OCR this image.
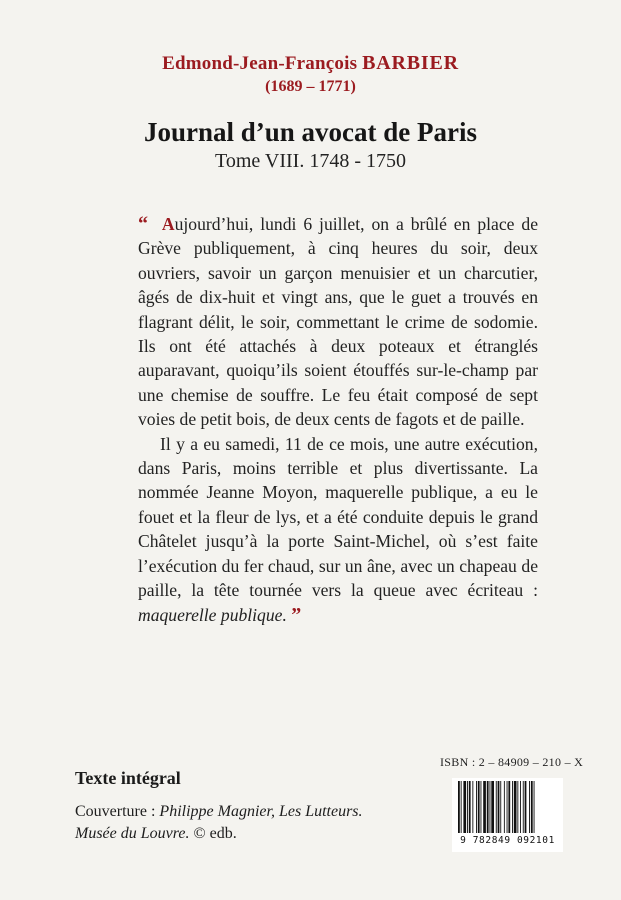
Edmond-Jean-François BARBIER
(1689 – 1771)
Journal d’un avocat de Paris
Tome VIII. 1748 - 1750

“ Aujourd’hui, lundi 6 juillet, on a brûlé en place de Grève publiquement, à cinq heures du soir, deux ouvriers, savoir un garçon menuisier et un charcutier, âgés de dix-huit et vingt ans, que le guet a trouvés en flagrant délit, le soir, commettant le crime de sodomie. Ils ont été attachés à deux poteaux et étranglés auparavant, quoiqu’ils soient étouffés sur-le-champ par une chemise de souffre. Le feu était composé de sept voies de petit bois, de deux cents de fagots et de paille.

Il y a eu samedi, 11 de ce mois, une autre exécution, dans Paris, moins terrible et plus divertissante. La nommée Jeanne Moyon, maquerelle publique, a eu le fouet et la fleur de lys, et a été conduite depuis le grand Châtelet jusqu’à la porte Saint-Michel, où s’est faite l’exécution du fer chaud, sur un âne, avec un chapeau de paille, la tête tournée vers la queue avec écriteau : maquerelle publique. ”

Texte intégral
Couverture : Philippe Magnier, Les Lutteurs.
Musée du Louvre. © edb.
ISBN : 2 – 84909 – 210 – X
9 782849 092101
